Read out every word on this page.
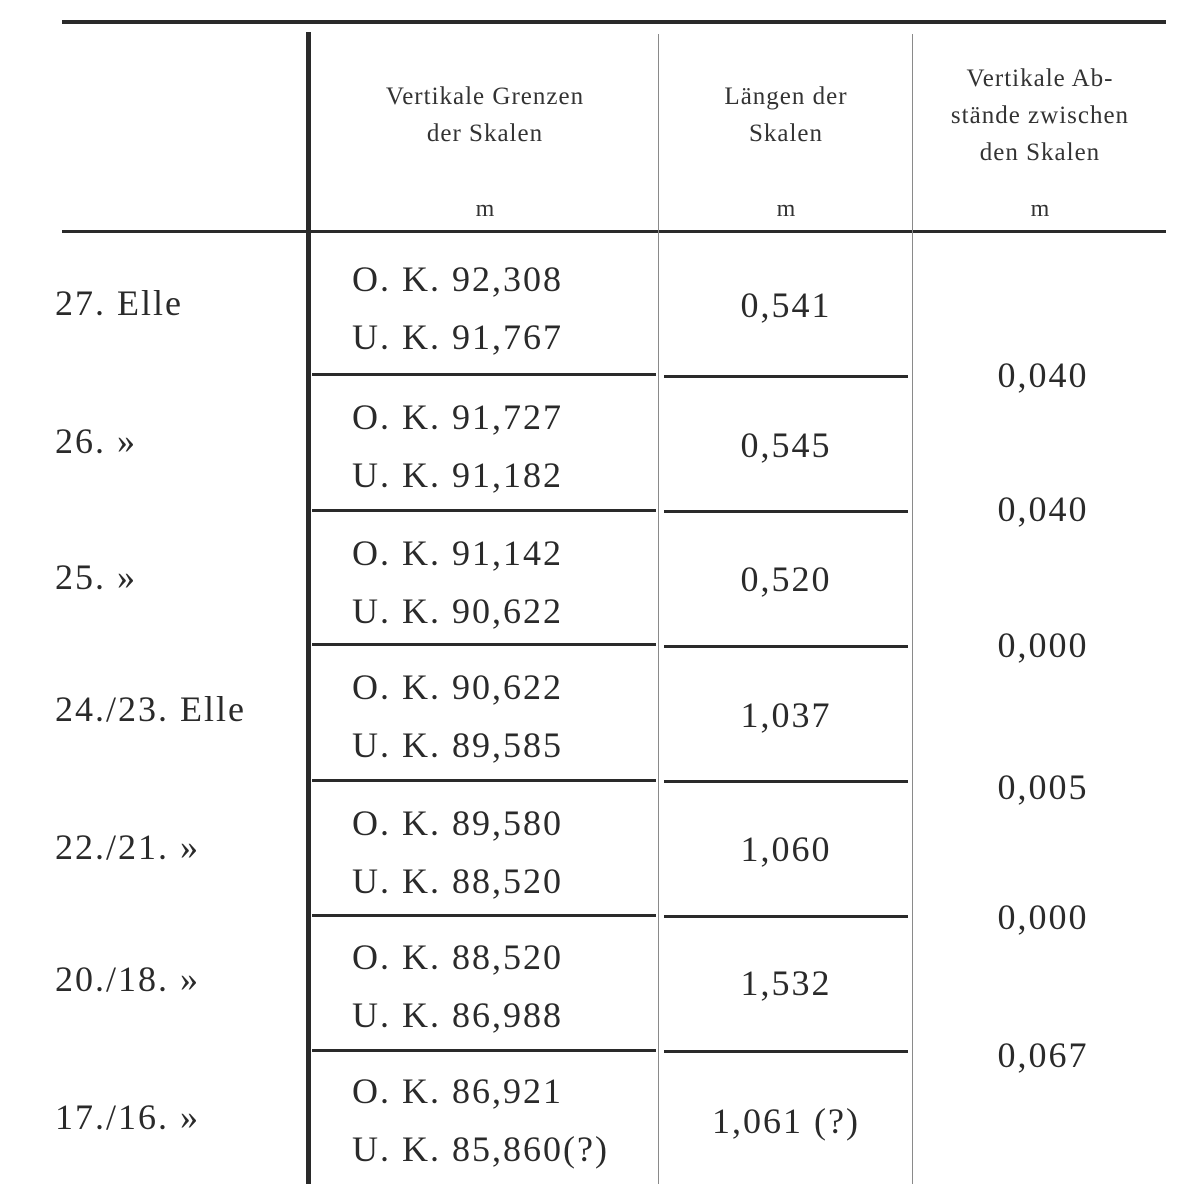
Vertikale Grenzen
der Skalen
m
Längen der
Skalen
m
Vertikale Ab-
stände zwischen
den Skalen
m
27. Elle
O. K. 92,308
U. K. 91,767
0,541
26. »
O. K. 91,727
U. K. 91,182
0,545
25. »
O. K. 91,142
U. K. 90,622
0,520
24./23. Elle
O. K. 90,622
U. K. 89,585
1,037
22./21. »
O. K. 89,580
U. K. 88,520
1,060
20./18. »
O. K. 88,520
U. K. 86,988
1,532
17./16. »
O. K. 86,921
U. K. 85,860(?)
1,061 (?)
0,040
0,040
0,000
0,005
0,000
0,067
